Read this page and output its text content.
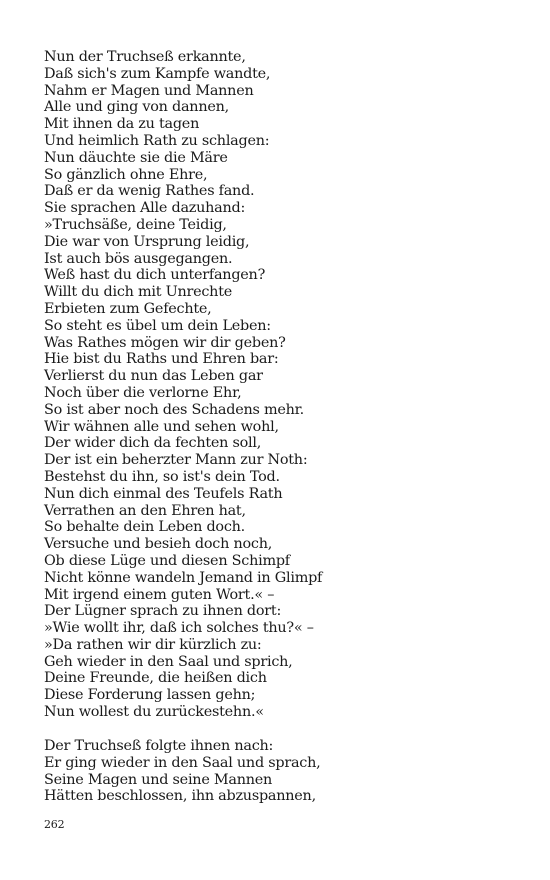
Nun der Truchseß erkannte,
Daß sich's zum Kampfe wandte,
Nahm er Magen und Mannen
Alle und ging von dannen,
Mit ihnen da zu tagen
Und heimlich Rath zu schlagen:
Nun däuchte sie die Märe
So gänzlich ohne Ehre,
Daß er da wenig Rathes fand.
Sie sprachen Alle dazuhand:
»Truchsäße, deine Teidig,
Die war von Ursprung leidig,
Ist auch bös ausgegangen.
Weß hast du dich unterfangen?
Willt du dich mit Unrechte
Erbieten zum Gefechte,
So steht es übel um dein Leben:
Was Rathes mögen wir dir geben?
Hie bist du Raths und Ehren bar:
Verlierst du nun das Leben gar
Noch über die verlorne Ehr,
So ist aber noch des Schadens mehr.
Wir wähnen alle und sehen wohl,
Der wider dich da fechten soll,
Der ist ein beherzter Mann zur Noth:
Bestehst du ihn, so ist's dein Tod.
Nun dich einmal des Teufels Rath
Verrathen an den Ehren hat,
So behalte dein Leben doch.
Versuche und besieh doch noch,
Ob diese Lüge und diesen Schimpf
Nicht könne wandeln Jemand in Glimpf
Mit irgend einem guten Wort.« –
Der Lügner sprach zu ihnen dort:
»Wie wollt ihr, daß ich solches thu?« –
»Da rathen wir dir kürzlich zu:
Geh wieder in den Saal und sprich,
Deine Freunde, die heißen dich
Diese Forderung lassen gehn;
Nun wollest du zurückestehn.«
Der Truchseß folgte ihnen nach:
Er ging wieder in den Saal und sprach,
Seine Magen und seine Mannen
Hätten beschlossen, ihn abzuspannen,
262
